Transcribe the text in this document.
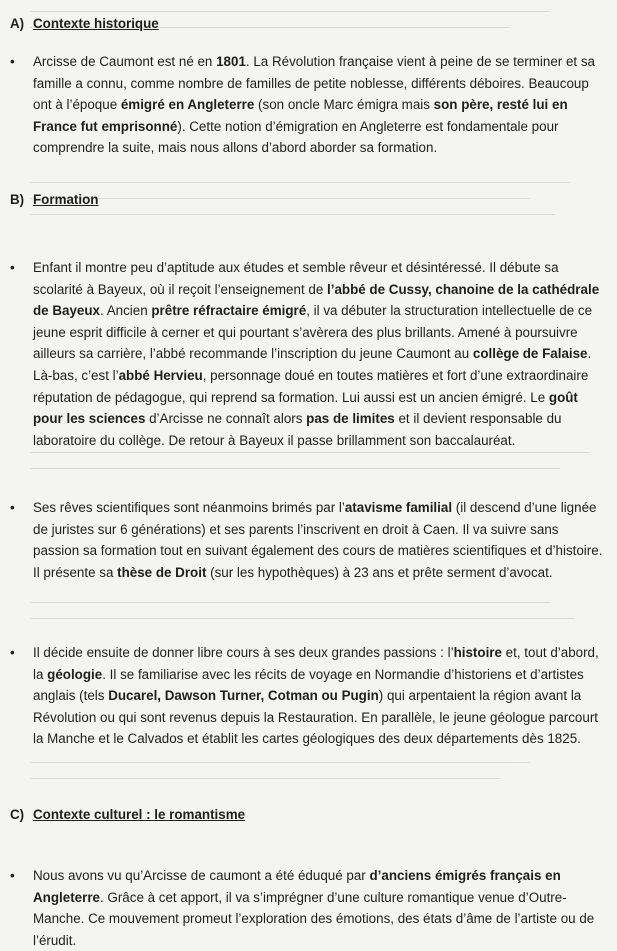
A) Contexte historique
•	Arcisse de Caumont est né en 1801. La Révolution française vient à peine de se terminer et sa famille a connu, comme nombre de familles de petite noblesse, différents déboires. Beaucoup ont à l’époque émigré en Angleterre (son oncle Marc émigra mais son père, resté lui en France fut emprisonné). Cette notion d’émigration en Angleterre est fondamentale pour comprendre la suite, mais nous allons d’abord aborder sa formation.
B) Formation
•	Enfant il montre peu d’aptitude aux études et semble rêveur et désintéressé. Il débute sa scolarité à Bayeux, où il reçoit l’enseignement de l’abbé de Cussy, chanoine de la cathédrale de Bayeux. Ancien prêtre réfractaire émigré, il va débuter la structuration intellectuelle de ce jeune esprit difficile à cerner et qui pourtant s’avèrera des plus brillants. Amené à poursuivre ailleurs sa carrière, l’abbé recommande l’inscription du jeune Caumont au collège de Falaise. Là-bas, c’est l’abbé Hervieu, personnage doué en toutes matières et fort d’une extraordinaire réputation de pédagogue, qui reprend sa formation. Lui aussi est un ancien émigré. Le goût pour les sciences d’Arcisse ne connaît alors pas de limites et il devient responsable du laboratoire du collège. De retour à Bayeux il passe brillamment son baccalauréat.
•	Ses rêves scientifiques sont néanmoins brimés par l’atavisme familial (il descend d’une lignée de juristes sur 6 générations) et ses parents l’inscrivent en droit à Caen. Il va suivre sans passion sa formation tout en suivant également des cours de matières scientifiques et d’histoire. Il présente sa thèse de Droit (sur les hypothèques) à 23 ans et prête serment d’avocat.
•	Il décide ensuite de donner libre cours à ses deux grandes passions : l’histoire et, tout d’abord, la géologie. Il se familiarise avec les récits de voyage en Normandie d’historiens et d’artistes anglais (tels Ducarel, Dawson Turner, Cotman ou Pugin) qui arpentaient la région avant la Révolution ou qui sont revenus depuis la Restauration. En parallèle, le jeune géologue parcourt la Manche et le Calvados et établit les cartes géologiques des deux départements dès 1825.
C) Contexte culturel : le romantisme
•	Nous avons vu qu’Arcisse de caumont a été éduqué par d’anciens émigrés français en Angleterre. Grâce à cet apport, il va s’imprégner d’une culture romantique venue d’Outre-Manche. Ce mouvement promeut l’exploration des émotions, des états d’âme de l’artiste ou de l’érudit.
